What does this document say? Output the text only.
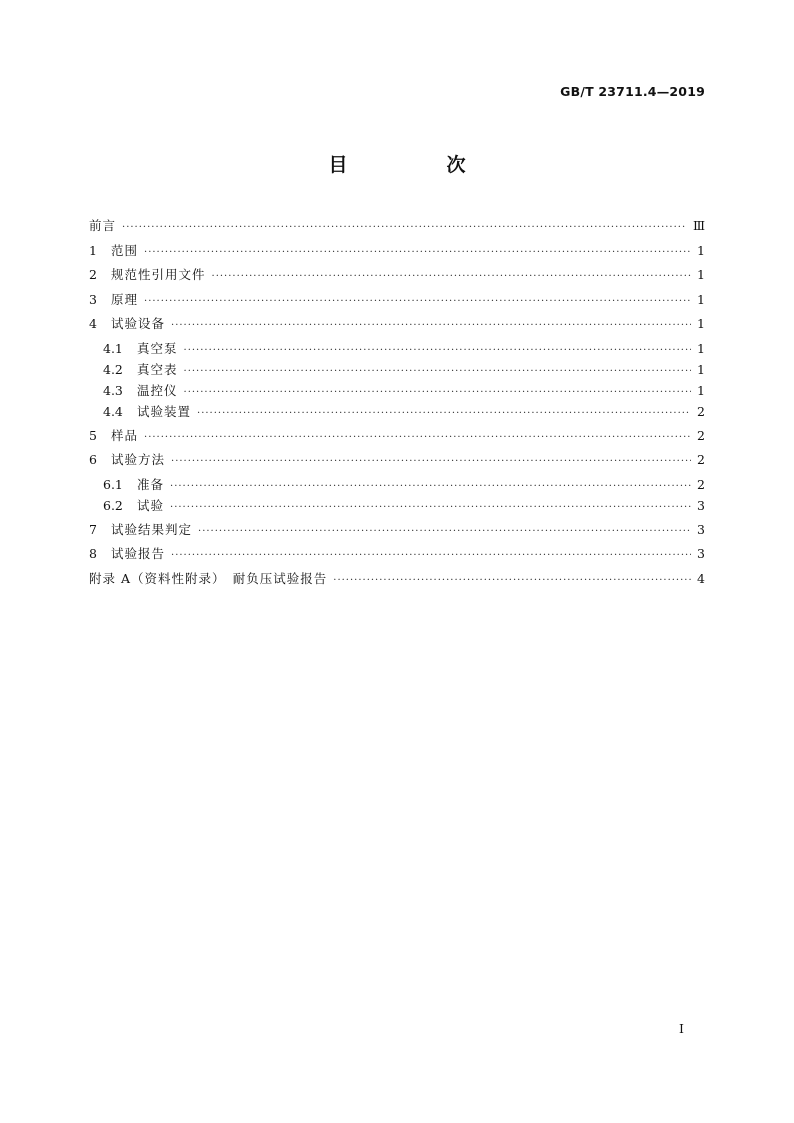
GB/T 23711.4—2019
目　次
前言 ·····	Ⅲ
1	范围 ·····	1
2	规范性引用文件 ·····	1
3	原理 ·····	1
4	试验设备 ·····	1
4.1	真空泵 ·····	1
4.2	真空表 ·····	1
4.3	温控仪 ·····	1
4.4	试验装置 ·····	2
5	样品 ·····	2
6	试验方法 ·····	2
6.1	准备 ·····	2
6.2	试验 ·····	3
7	试验结果判定 ·····	3
8	试验报告 ·····	3
附录 A（资料性附录）　耐负压试验报告 ·····	4
Ⅰ
